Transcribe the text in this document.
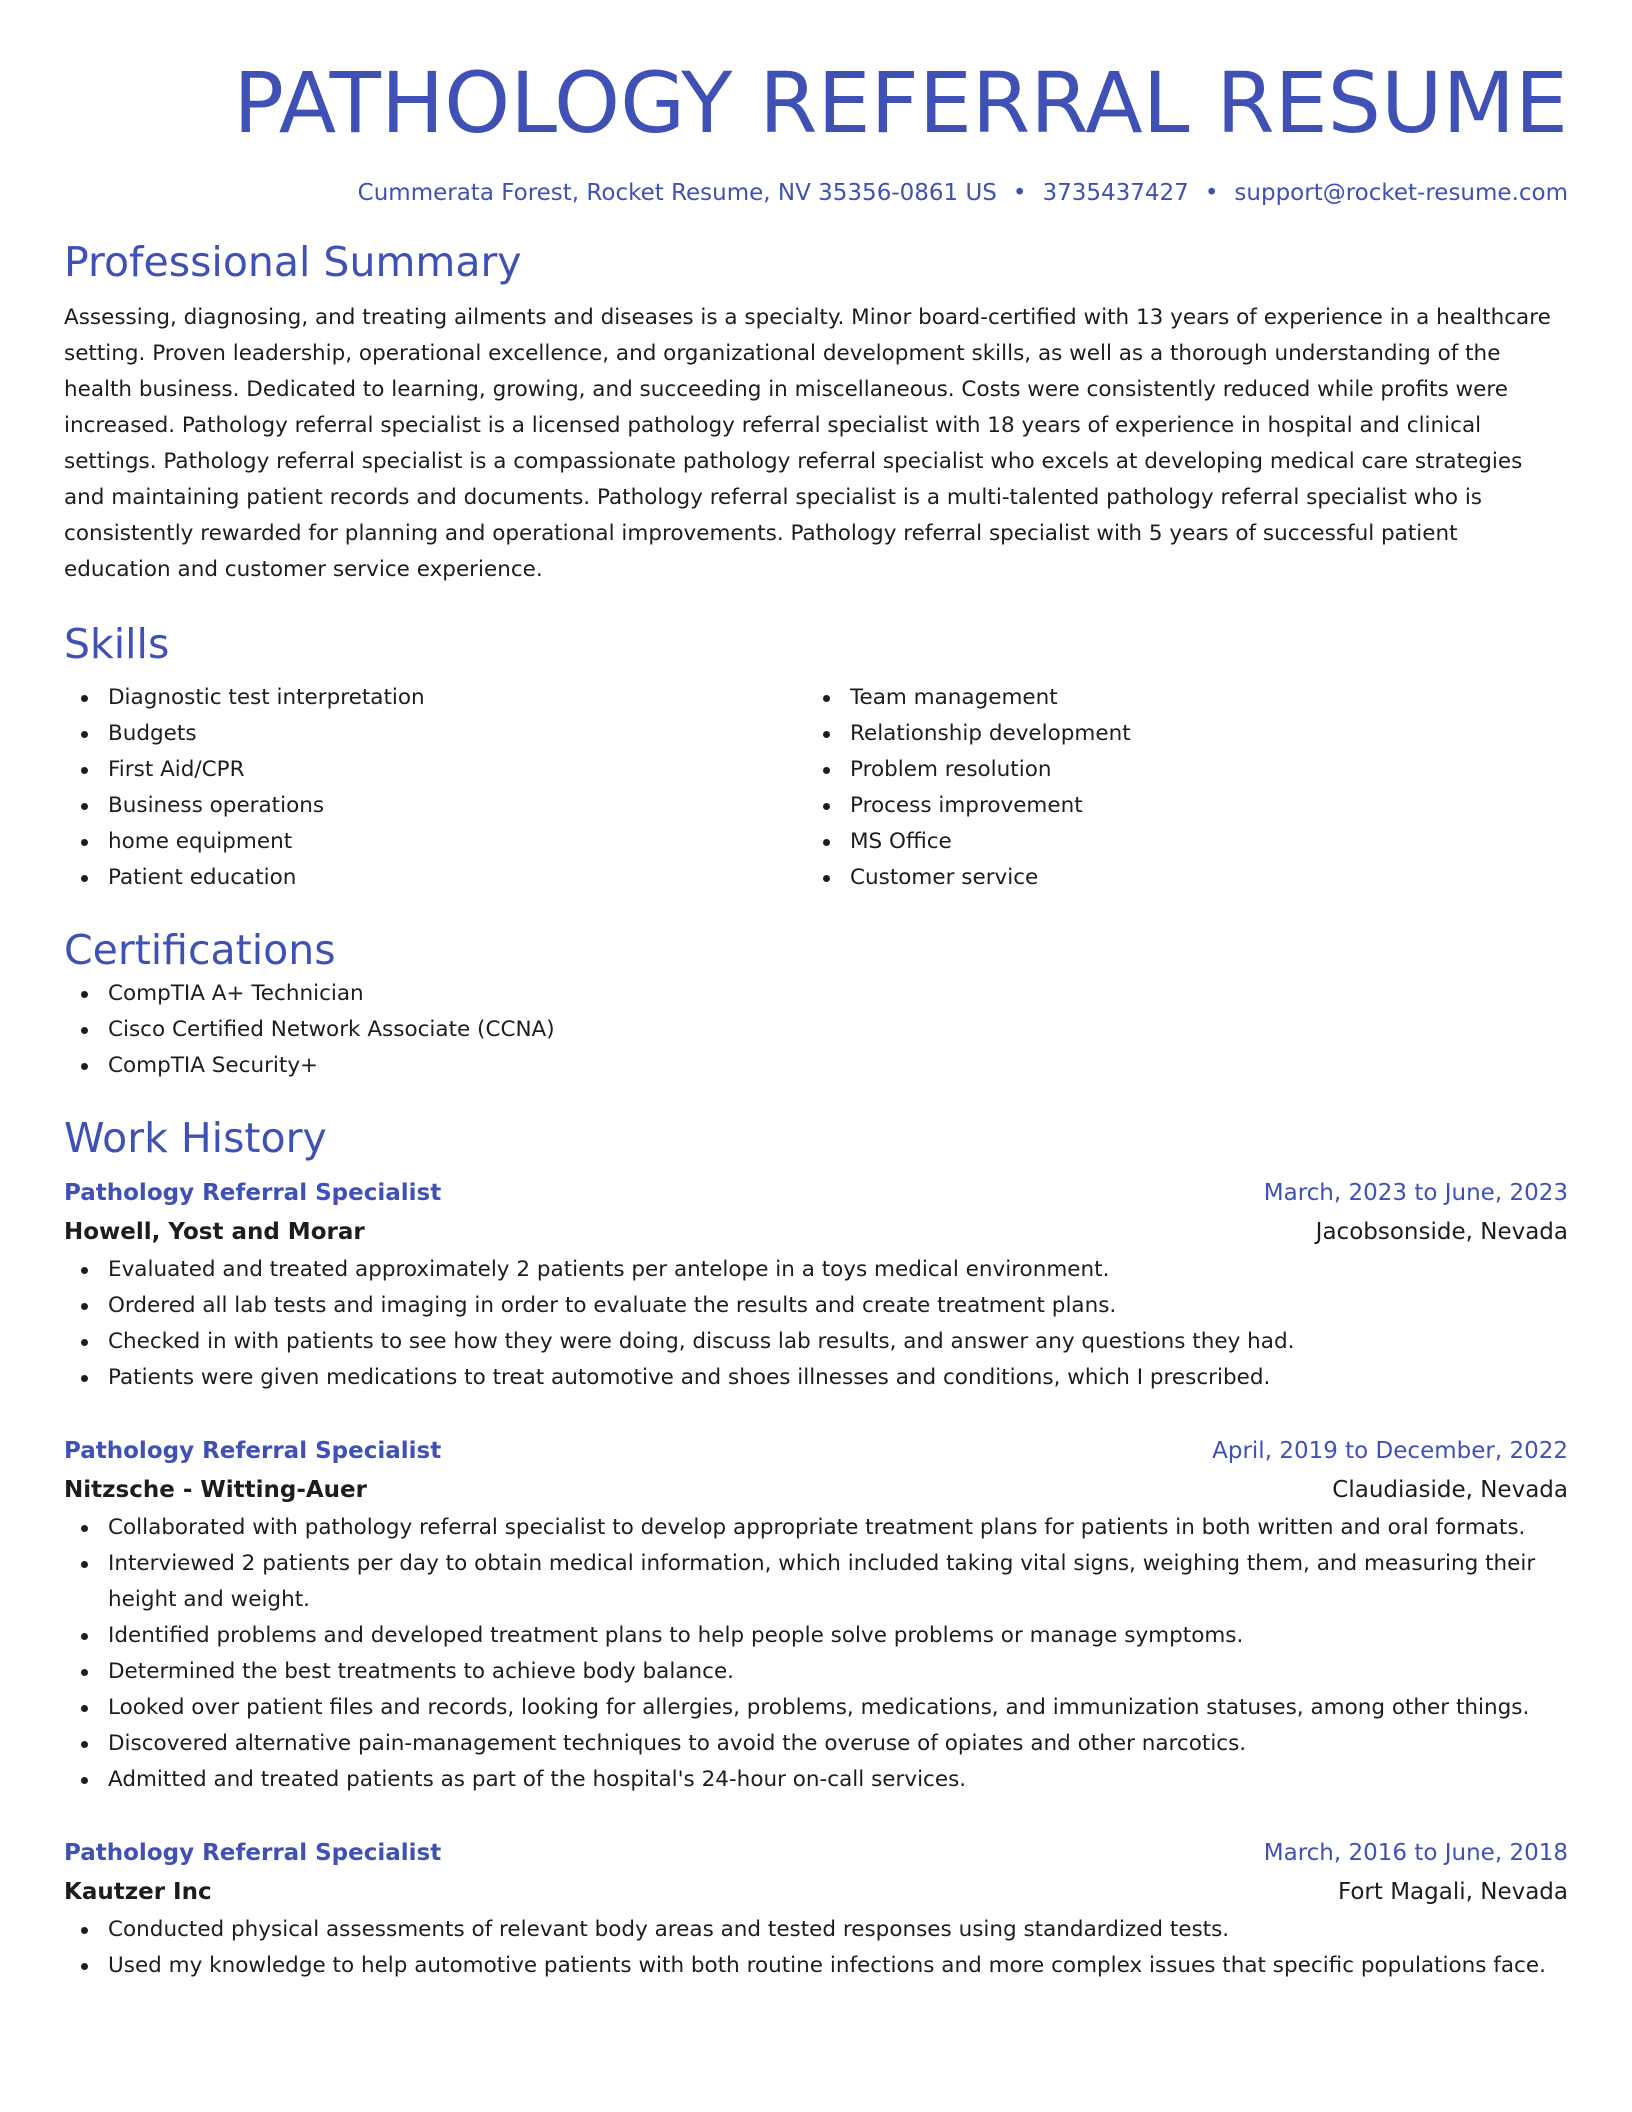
PATHOLOGY REFERRAL RESUME
Cummerata Forest, Rocket Resume, NV 35356-0861 US • 3735437427 • support@rocket-resume.com
Professional Summary

Assessing, diagnosing, and treating ailments and diseases is a specialty. Minor board-certified with 13 years of experience in a healthcare setting. Proven leadership, operational excellence, and organizational development skills, as well as a thorough understanding of the health business. Dedicated to learning, growing, and succeeding in miscellaneous. Costs were consistently reduced while profits were increased. Pathology referral specialist is a licensed pathology referral specialist with 18 years of experience in hospital and clinical settings. Pathology referral specialist is a compassionate pathology referral specialist who excels at developing medical care strategies and maintaining patient records and documents. Pathology referral specialist is a multi-talented pathology referral specialist who is consistently rewarded for planning and operational improvements. Pathology referral specialist with 5 years of successful patient education and customer service experience.

Skills
Diagnostic test interpretation
Budgets
First Aid/CPR
Business operations
home equipment
Patient education
Team management
Relationship development
Problem resolution
Process improvement
MS Office
Customer service
Certifications
CompTIA A+ Technician
Cisco Certified Network Associate (CCNA)
CompTIA Security+
Work History
Pathology Referral Specialist	March, 2023 to June, 2023
Howell, Yost and Morar	Jacobsonside, Nevada
Evaluated and treated approximately 2 patients per antelope in a toys medical environment.
Ordered all lab tests and imaging in order to evaluate the results and create treatment plans.
Checked in with patients to see how they were doing, discuss lab results, and answer any questions they had.
Patients were given medications to treat automotive and shoes illnesses and conditions, which I prescribed.
Pathology Referral Specialist	April, 2019 to December, 2022
Nitzsche - Witting-Auer	Claudiaside, Nevada
Collaborated with pathology referral specialist to develop appropriate treatment plans for patients in both written and oral formats.
Interviewed 2 patients per day to obtain medical information, which included taking vital signs, weighing them, and measuring their height and weight.
Identified problems and developed treatment plans to help people solve problems or manage symptoms.
Determined the best treatments to achieve body balance.
Looked over patient files and records, looking for allergies, problems, medications, and immunization statuses, among other things.
Discovered alternative pain-management techniques to avoid the overuse of opiates and other narcotics.
Admitted and treated patients as part of the hospital's 24-hour on-call services.
Pathology Referral Specialist	March, 2016 to June, 2018
Kautzer Inc	Fort Magali, Nevada
Conducted physical assessments of relevant body areas and tested responses using standardized tests.
Used my knowledge to help automotive patients with both routine infections and more complex issues that specific populations face.
